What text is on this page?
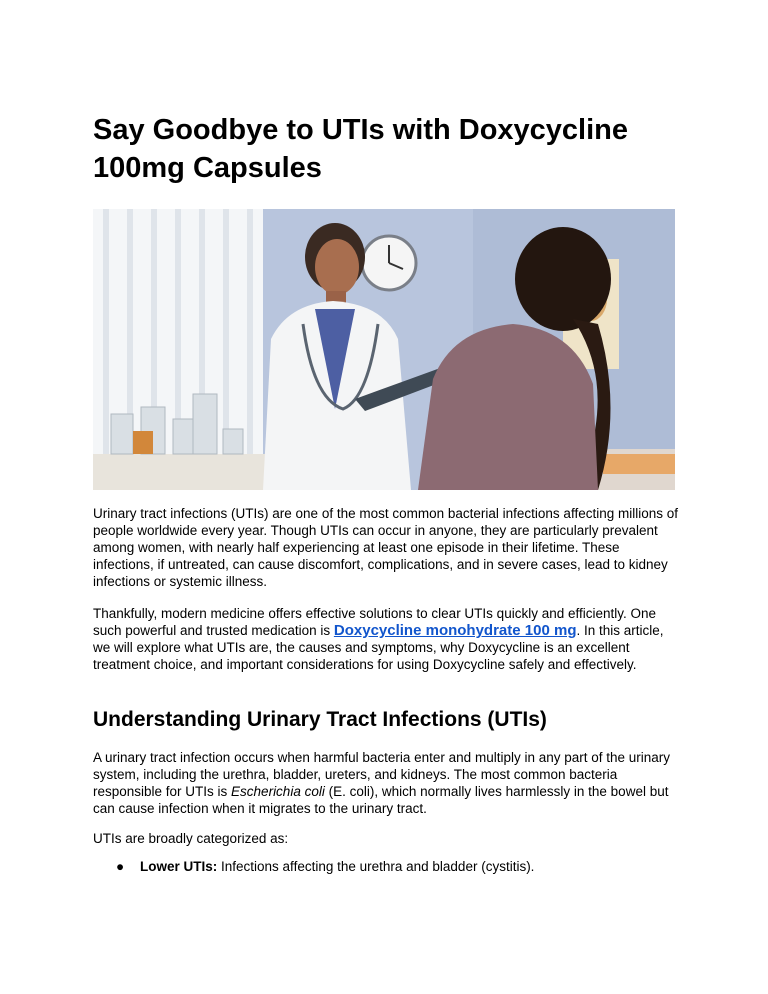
Say Goodbye to UTIs with Doxycycline 100mg Capsules

Urinary tract infections (UTIs) are one of the most common bacterial infections affecting millions of people worldwide every year. Though UTIs can occur in anyone, they are particularly prevalent among women, with nearly half experiencing at least one episode in their lifetime. These infections, if untreated, can cause discomfort, complications, and in severe cases, lead to kidney infections or systemic illness.

Thankfully, modern medicine offers effective solutions to clear UTIs quickly and efficiently. One such powerful and trusted medication is Doxycycline monohydrate 100 mg. In this article, we will explore what UTIs are, the causes and symptoms, why Doxycycline is an excellent treatment choice, and important considerations for using Doxycycline safely and effectively.

Understanding Urinary Tract Infections (UTIs)

A urinary tract infection occurs when harmful bacteria enter and multiply in any part of the urinary system, including the urethra, bladder, ureters, and kidneys. The most common bacteria responsible for UTIs is Escherichia coli (E. coli), which normally lives harmlessly in the bowel but can cause infection when it migrates to the urinary tract.

UTIs are broadly categorized as:

● Lower UTIs: Infections affecting the urethra and bladder (cystitis).
